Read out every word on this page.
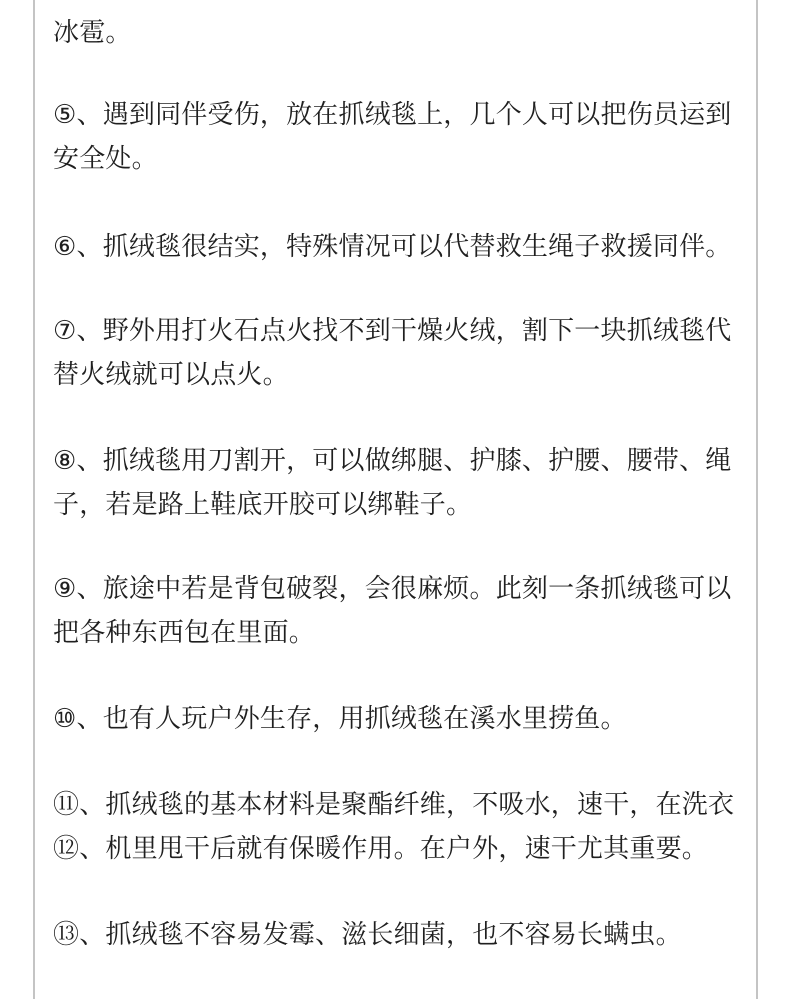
冰雹。
⑤、遇到同伴受伤，放在抓绒毯上，几个人可以把伤员运到
安全处。
⑥、抓绒毯很结实，特殊情况可以代替救生绳子救援同伴。
⑦、野外用打火石点火找不到干燥火绒，割下一块抓绒毯代
替火绒就可以点火。
⑧、抓绒毯用刀割开，可以做绑腿、护膝、护腰、腰带、绳
子，若是路上鞋底开胶可以绑鞋子。
⑨、旅途中若是背包破裂，会很麻烦。此刻一条抓绒毯可以
把各种东西包在里面。
⑩、也有人玩户外生存，用抓绒毯在溪水里捞鱼。
⑪、抓绒毯的基本材料是聚酯纤维，不吸水，速干，在洗衣
⑫、机里甩干后就有保暖作用。在户外，速干尤其重要。
⑬、抓绒毯不容易发霉、滋长细菌，也不容易长螨虫。
